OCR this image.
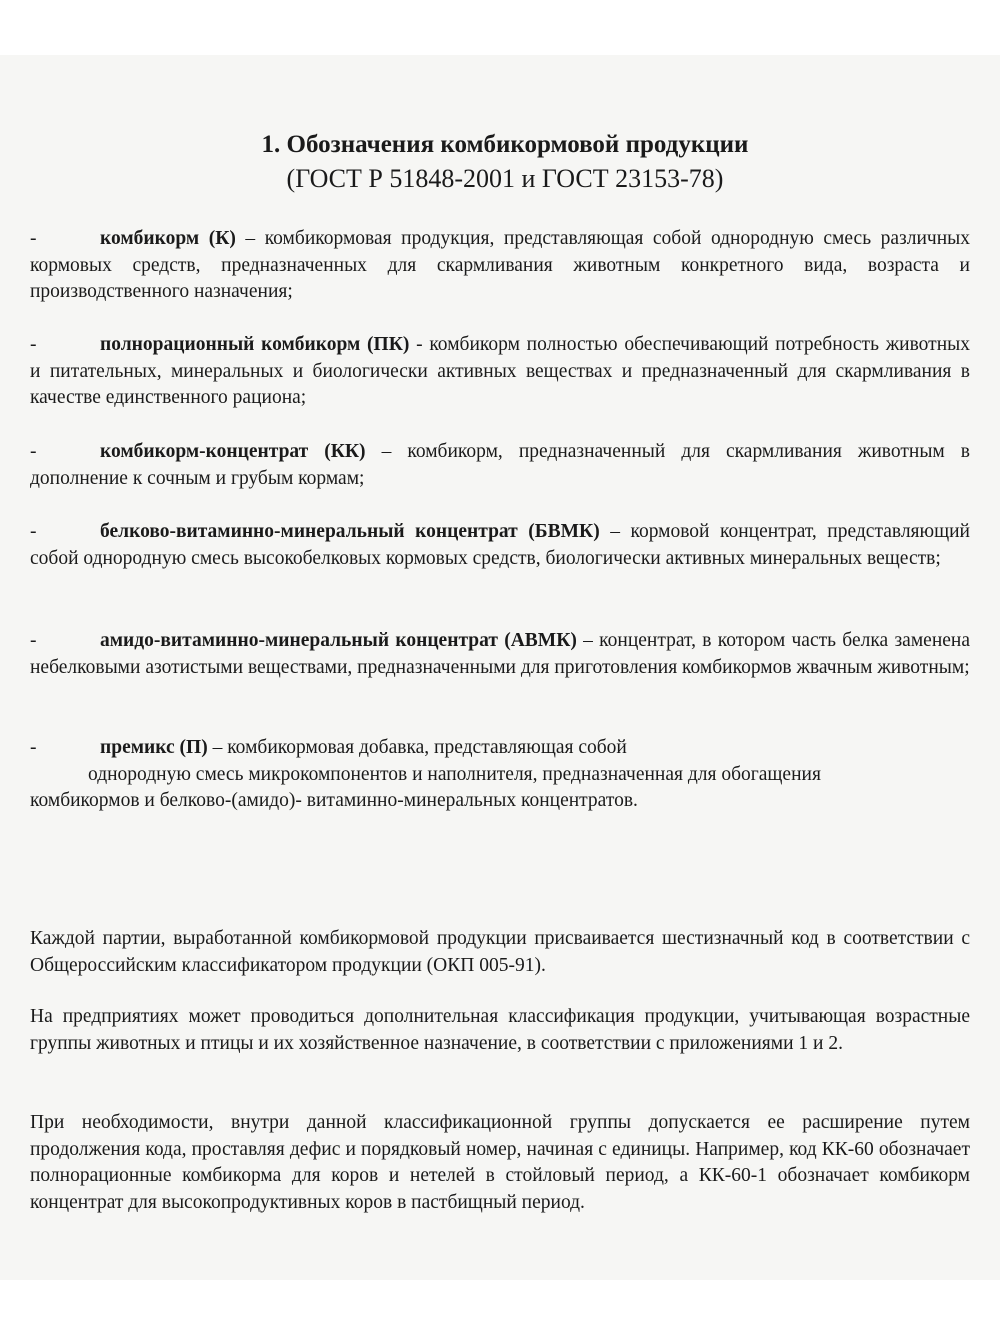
1. Обозначения комбикормовой продукции
(ГОСТ Р 51848-2001 и ГОСТ 23153-78)

-	комбикорм (К) – комбикормовая продукция, представляющая собой однородную смесь различных кормовых средств, предназначенных для скармливания животным конкретного вида, возраста и производственного назначения;

-	полнорационный комбикорм (ПК) - комбикорм полностью обеспечивающий потребность животных и питательных, минеральных и биологически активных веществах и предназначенный для скармливания в качестве единственного рациона;

-	комбикорм-концентрат (КК) – комбикорм, предназначенный для скармливания животным в дополнение к сочным и грубым кормам;

-	белково-витаминно-минеральный концентрат (БВМК) – кормовой концентрат, представляющий собой однородную смесь высокобелковых кормовых средств, биологически активных минеральных веществ;

-	амидо-витаминно-минеральный концентрат (АВМК) – концентрат, в котором часть белка заменена небелковыми азотистыми веществами, предназначенными для приготовления комбикормов жвачным животным;

-	премикс (П) – комбикормовая добавка, представляющая собой
однородную смесь микрокомпонентов и наполнителя, предназначенная для обогащения
комбикормов и белково-(амидо)- витаминно-минеральных концентратов.

Каждой партии, выработанной комбикормовой продукции присваивается шестизначный код в соответствии с Общероссийским классификатором продукции (ОКП 005-91).

На предприятиях может проводиться дополнительная классификация продукции, учитывающая возрастные группы животных и птицы и их хозяйственное назначение, в соответствии с приложениями 1 и 2.

При необходимости, внутри данной классификационной группы допускается ее расширение путем продолжения кода, проставляя дефис и порядковый номер, начиная с единицы. Например, код КК-60 обозначает полнорационные комбикорма для коров и нетелей в стойловый период, а КК-60-1 обозначает комбикорм концентрат для высокопродуктивных коров в пастбищный период.
